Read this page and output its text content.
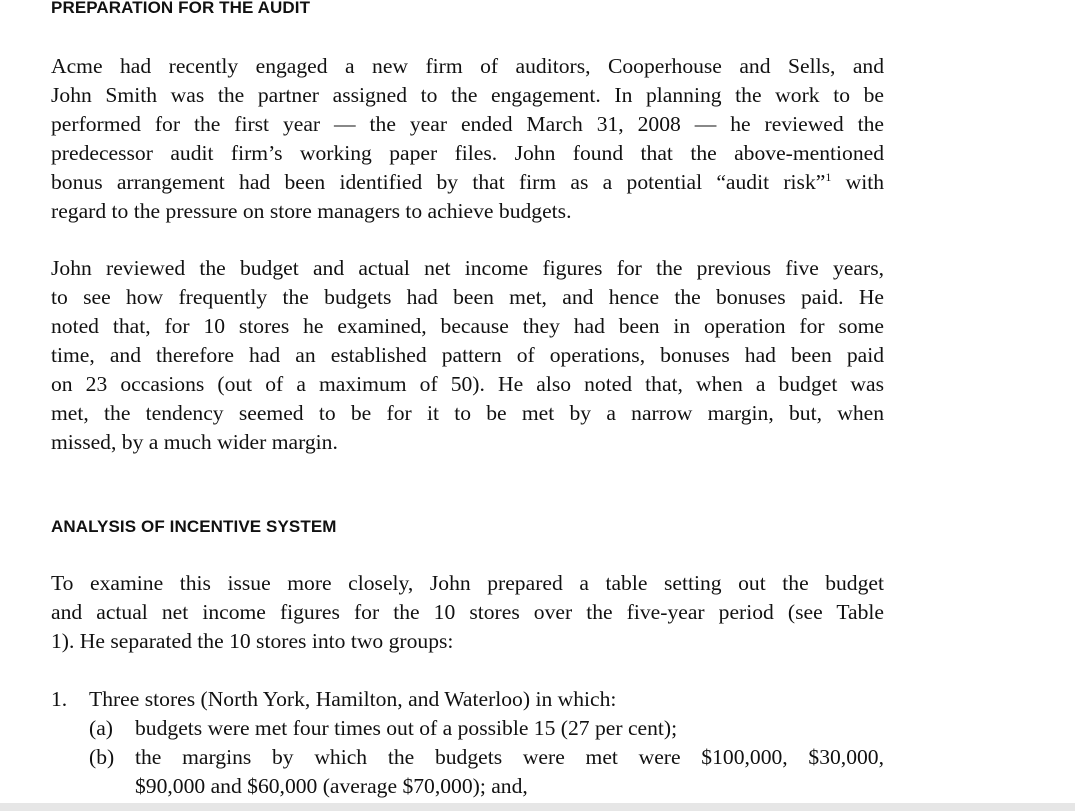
PREPARATION FOR THE AUDIT
Acme had recently engaged a new firm of auditors, Cooperhouse and Sells, and
John Smith was the partner assigned to the engagement. In planning the work to be
performed for the first year — the year ended March 31, 2008 — he reviewed the
predecessor audit firm’s working paper files. John found that the above-mentioned
bonus arrangement had been identified by that firm as a potential “audit risk”$^1$ with
regard to the pressure on store managers to achieve budgets.
John reviewed the budget and actual net income figures for the previous five years,
to see how frequently the budgets had been met, and hence the bonuses paid. He
noted that, for 10 stores he examined, because they had been in operation for some
time, and therefore had an established pattern of operations, bonuses had been paid
on 23 occasions (out of a maximum of 50). He also noted that, when a budget was
met, the tendency seemed to be for it to be met by a narrow margin, but, when
missed, by a much wider margin.
ANALYSIS OF INCENTIVE SYSTEM
To examine this issue more closely, John prepared a table setting out the budget
and actual net income figures for the 10 stores over the five-year period (see Table
1). He separated the 10 stores into two groups:
1. Three stores (North York, Hamilton, and Waterloo) in which:
(a) budgets were met four times out of a possible 15 (27 per cent);
(b) the margins by which the budgets were met were $100,000, $30,000,
$90,000 and $60,000 (average $70,000); and,
